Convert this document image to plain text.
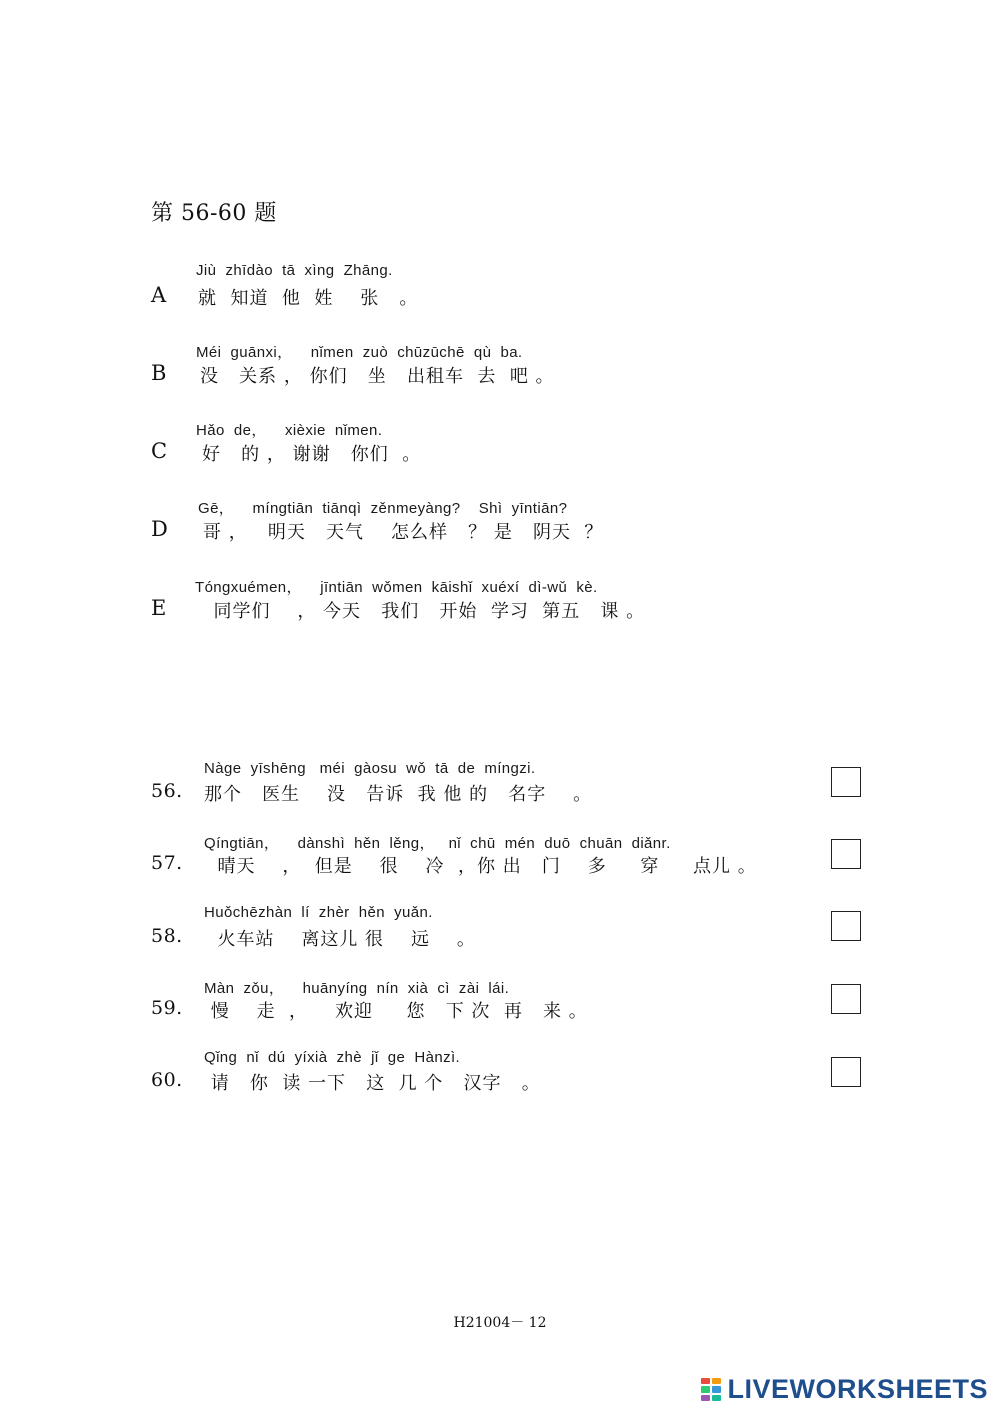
第 56-60 题
Jiù  zhīdào  tā  xìng  Zhāng.
A 就  知道  他  姓    张   。
Méi  guānxi，    nǐmen  zuò  chūzūchē  qù  ba.
B 没   关系 ， 你们   坐   出租车  去  吧 。
Hǎo  de，    xièxie  nǐmen.
C 好   的 ， 谢谢   你们  。
Gē，    míngtiān  tiānqì  zěnmeyàng?    Shì  yīntiān?
D 哥 ，   明天   天气    怎么样   ？ 是   阴天  ？
Tóngxuémen，    jīntiān  wǒmen  kāishǐ  xuéxí  dì-wǔ  kè.
E 同学们    ， 今天   我们   开始  学习  第五   课 。
Nàge  yīshēng   méi  gàosu  wǒ  tā  de  míngzi.
56. 那个   医生    没   告诉  我 他 的   名字    。
Qíngtiān，    dànshì  hěn  lěng，   nǐ  chū  mén  duō  chuān  diǎnr.
57. 晴天    ，  但是    很    冷  ，你 出   门    多     穿     点儿 。
Huǒchēzhàn  lí  zhèr  hěn  yuǎn.
58. 火车站    离这儿 很    远    。
Màn  zǒu，    huānyíng  nín  xià  cì  zài  lái.
59. 慢    走  ，    欢迎     您   下 次  再   来 。
Qǐng  nǐ  dú  yíxià  zhè  jǐ  ge  Hànzì.
60. 请   你  读 一下   这  几 个   汉字   。
H21004－ 12
LIVEWORKSHEETS
